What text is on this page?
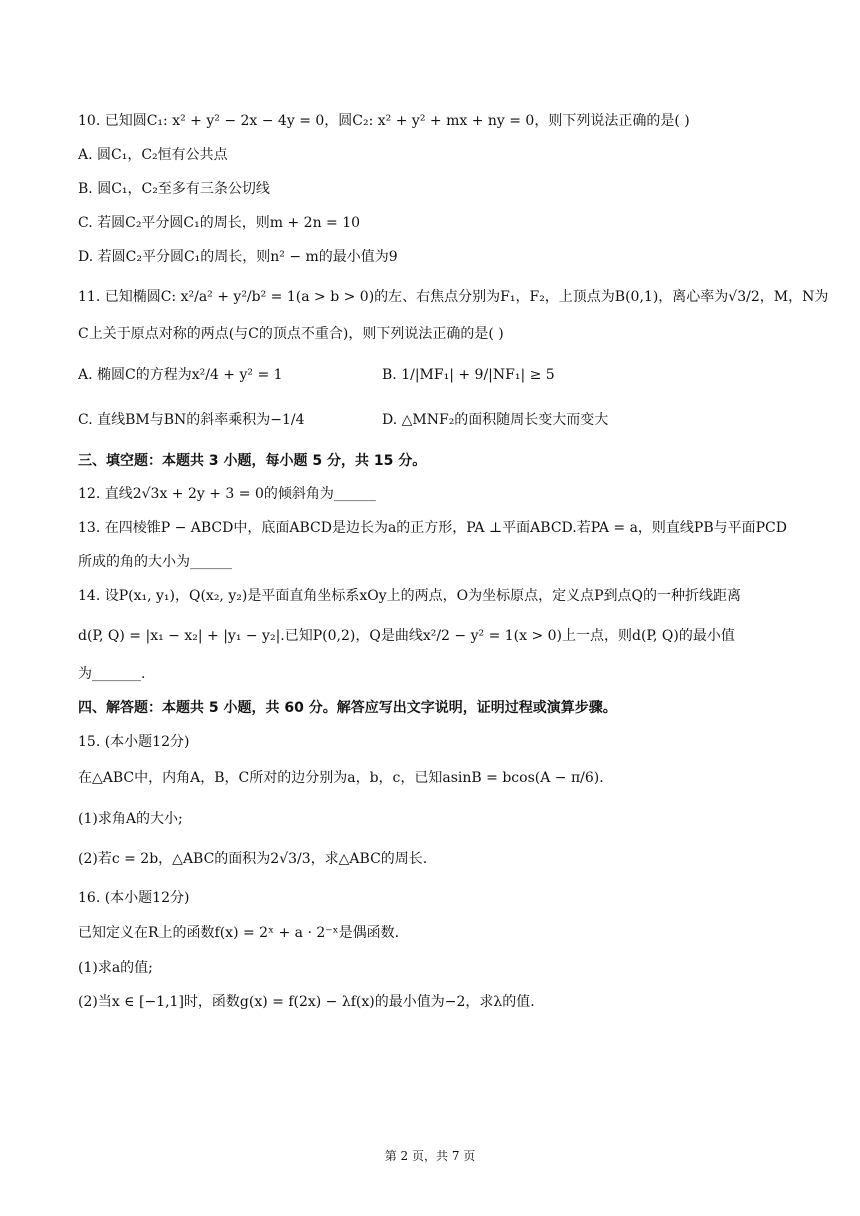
10. 已知圆C₁: x² + y² − 2x − 4y = 0，圆C₂: x² + y² + mx + ny = 0，则下列说法正确的是( )
A. 圆C₁，C₂恒有公共点
B. 圆C₁，C₂至多有三条公切线
C. 若圆C₂平分圆C₁的周长，则m + 2n = 10
D. 若圆C₂平分圆C₁的周长，则n² − m的最小值为9
11. 已知椭圆C: x²/a² + y²/b² = 1(a > b > 0)的左、右焦点分别为F₁，F₂，上顶点为B(0,1)，离心率为√3/2，M，N为
C上关于原点对称的两点(与C的顶点不重合)，则下列说法正确的是( )
A. 椭圆C的方程为x²/4 + y² = 1	B. 1/|MF₁| + 9/|NF₁| ≥ 5
C. 直线BM与BN的斜率乘积为−1/4	D. △MNF₂的面积随周长变大而变大
三、填空题：本题共 3 小题，每小题 5 分，共 15 分。
12. 直线2√3x + 2y + 3 = 0的倾斜角为______
13. 在四棱锥P − ABCD中，底面ABCD是边长为a的正方形，PA ⊥平面ABCD.若PA = a，则直线PB与平面PCD
所成的角的大小为______
14. 设P(x₁, y₁)，Q(x₂, y₂)是平面直角坐标系xOy上的两点，O为坐标原点，定义点P到点Q的一种折线距离
d(P, Q) = |x₁ − x₂| + |y₁ − y₂|.已知P(0,2)，Q是曲线x²/2 − y² = 1(x > 0)上一点，则d(P, Q)的最小值
为_______.
四、解答题：本题共 5 小题，共 60 分。解答应写出文字说明，证明过程或演算步骤。
15. (本小题12分)
在△ABC中，内角A，B，C所对的边分别为a，b，c，已知asinB = bcos(A − π/6).
(1)求角A的大小;
(2)若c = 2b，△ABC的面积为2√3/3，求△ABC的周长.
16. (本小题12分)
已知定义在R上的函数f(x) = 2ˣ + a · 2⁻ˣ是偶函数.
(1)求a的值;
(2)当x ∈ [−1,1]时，函数g(x) = f(2x) − λf(x)的最小值为−2，求λ的值.
第 2 页，共 7 页
